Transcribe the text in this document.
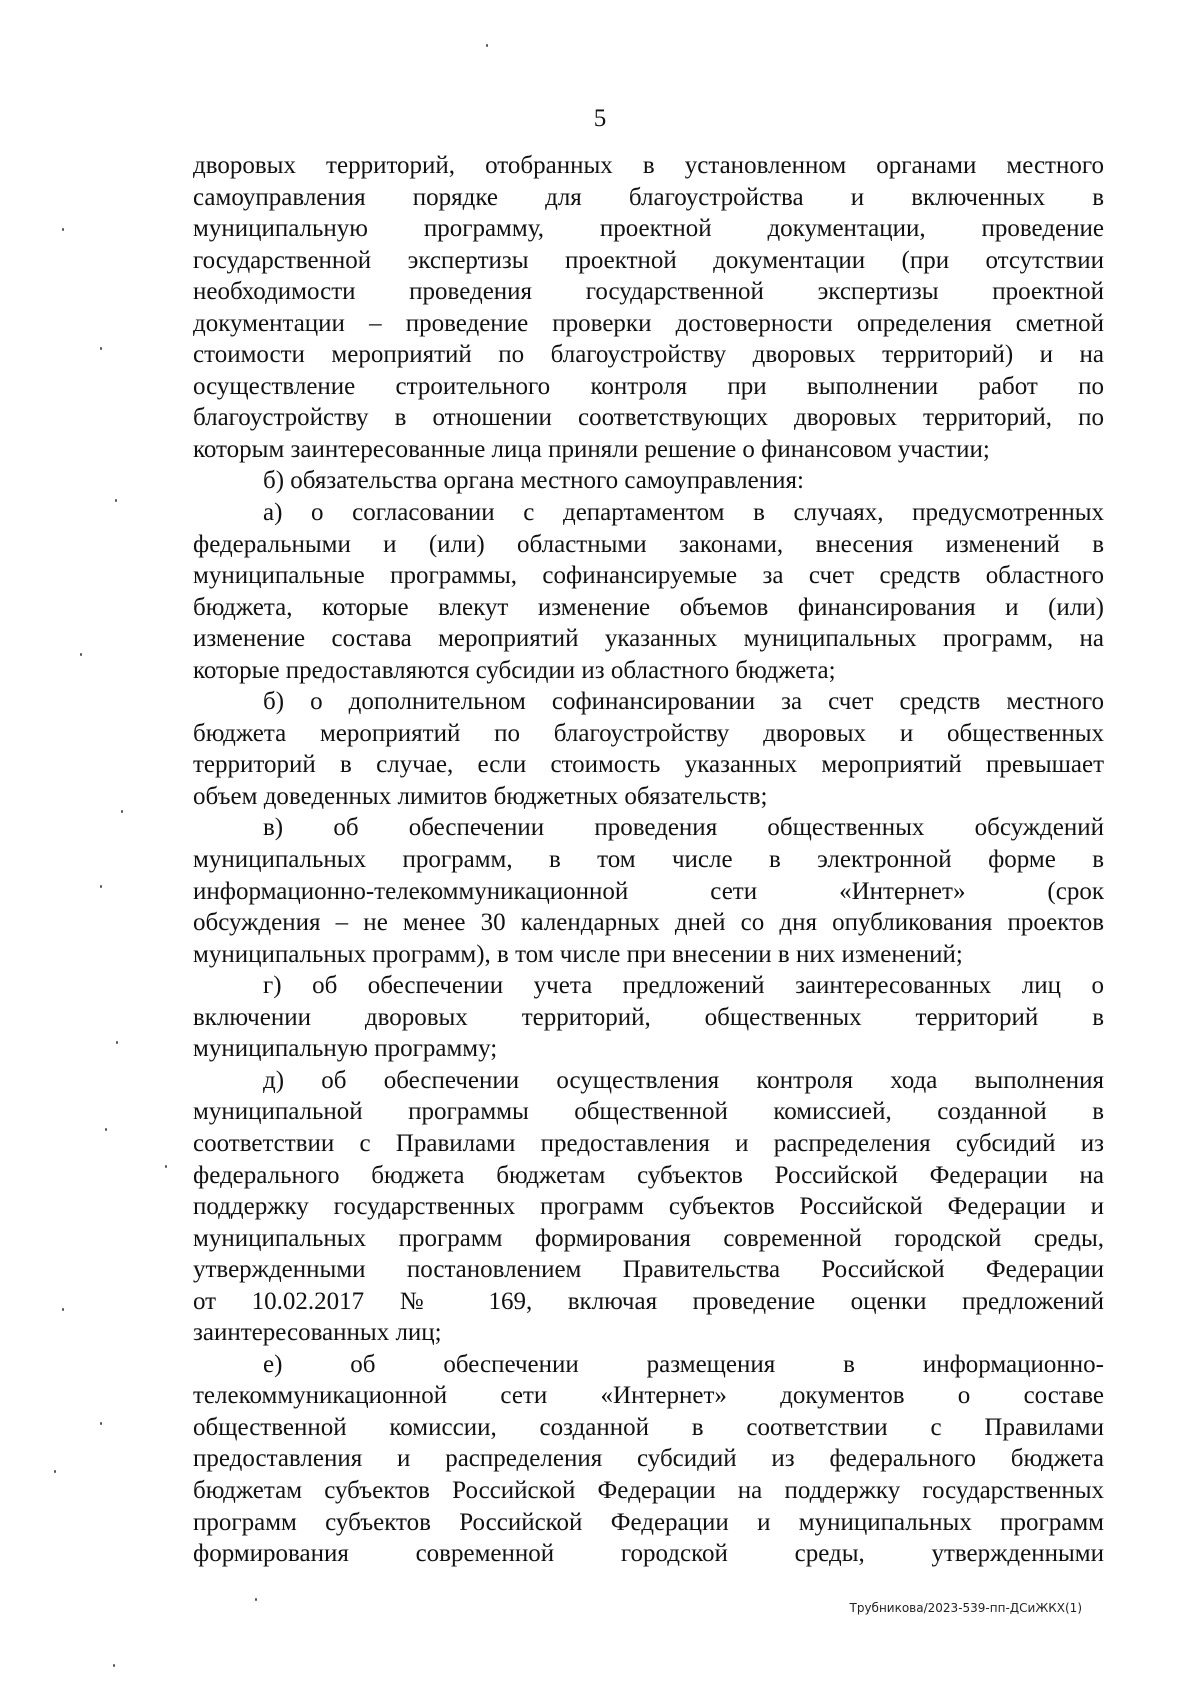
5
дворовых территорий, отобранных в установленном органами местного
самоуправления порядке для благоустройства и включенных в
муниципальную программу, проектной документации, проведение
государственной экспертизы проектной документации (при отсутствии
необходимости проведения государственной экспертизы проектной
документации – проведение проверки достоверности определения сметной
стоимости мероприятий по благоустройству дворовых территорий) и на
осуществление строительного контроля при выполнении работ по
благоустройству в отношении соответствующих дворовых территорий, по
которым заинтересованные лица приняли решение о финансовом участии;
б) обязательства органа местного самоуправления:
а) о согласовании с департаментом в случаях, предусмотренных
федеральными и (или) областными законами, внесения изменений в
муниципальные программы, софинансируемые за счет средств областного
бюджета, которые влекут изменение объемов финансирования и (или)
изменение состава мероприятий указанных муниципальных программ, на
которые предоставляются субсидии из областного бюджета;
б) о дополнительном софинансировании за счет средств местного
бюджета мероприятий по благоустройству дворовых и общественных
территорий в случае, если стоимость указанных мероприятий превышает
объем доведенных лимитов бюджетных обязательств;
в) об обеспечении проведения общественных обсуждений
муниципальных программ, в том числе в электронной форме в
информационно-телекоммуникационной сети «Интернет» (срок
обсуждения – не менее 30 календарных дней со дня опубликования проектов
муниципальных программ), в том числе при внесении в них изменений;
г) об обеспечении учета предложений заинтересованных лиц о
включении дворовых территорий, общественных территорий в
муниципальную программу;
д) об обеспечении осуществления контроля хода выполнения
муниципальной программы общественной комиссией, созданной в
соответствии с Правилами предоставления и распределения субсидий из
федерального бюджета бюджетам субъектов Российской Федерации на
поддержку государственных программ субъектов Российской Федерации и
муниципальных программ формирования современной городской среды,
утвержденными постановлением Правительства Российской Федерации
от 10.02.2017 № 169, включая проведение оценки предложений
заинтересованных лиц;
е) об обеспечении размещения в информационно-
телекоммуникационной сети «Интернет» документов о составе
общественной комиссии, созданной в соответствии с Правилами
предоставления и распределения субсидий из федерального бюджета
бюджетам субъектов Российской Федерации на поддержку государственных
программ субъектов Российской Федерации и муниципальных программ
формирования современной городской среды, утвержденными
Трубникова/2023-539-пп-ДСиЖКХ(1)
